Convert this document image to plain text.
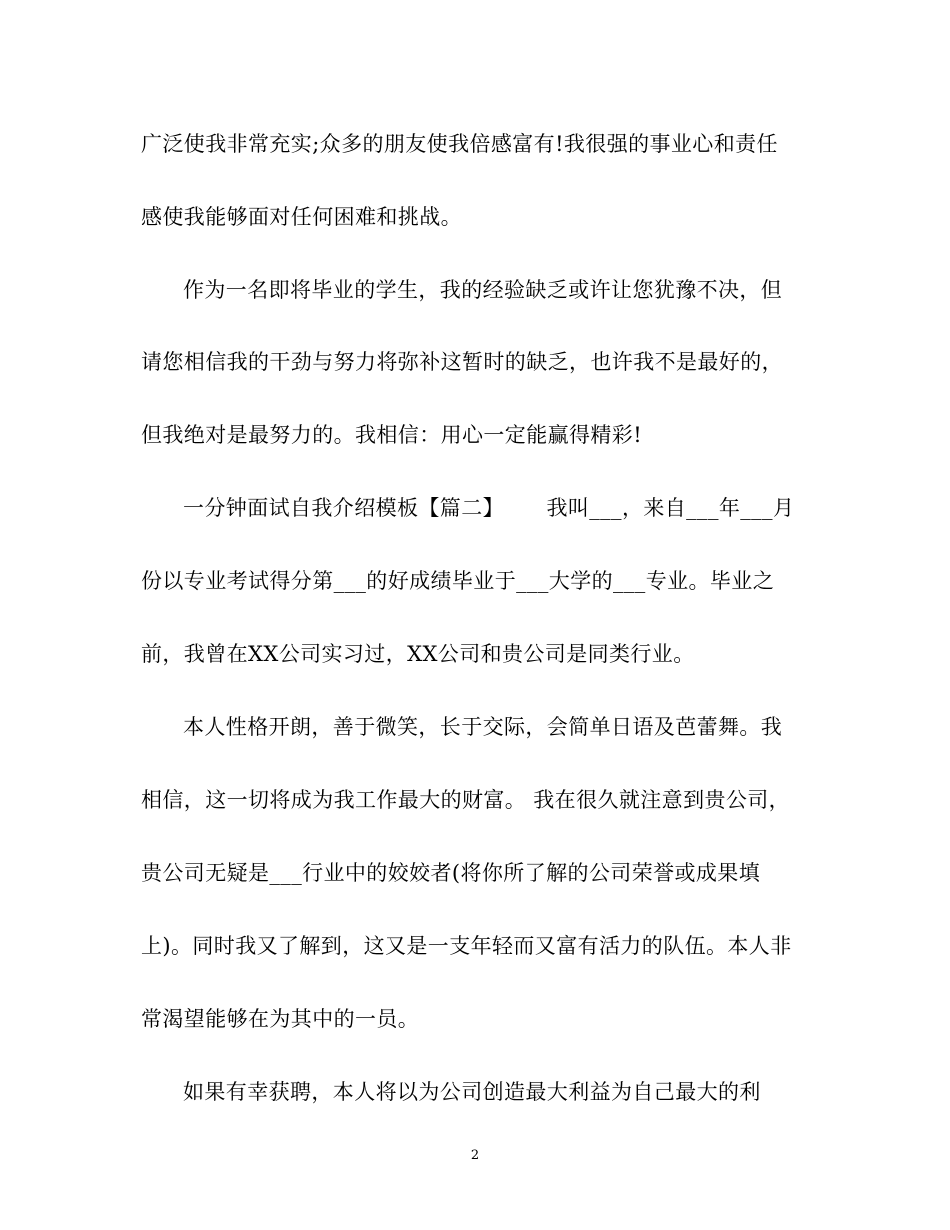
广泛使我非常充实;众多的朋友使我倍感富有!我很强的事业心和责任
感使我能够面对任何困难和挑战。
作为一名即将毕业的学生，我的经验缺乏或许让您犹豫不决，但
请您相信我的干劲与努力将弥补这暂时的缺乏，也许我不是最好的，
但我绝对是最努力的。我相信：用心一定能赢得精彩!
一分钟面试自我介绍模板【篇二】      我叫___，来自___年___月
份以专业考试得分第___的好成绩毕业于___大学的___专业。毕业之
前，我曾在XX公司实习过，XX公司和贵公司是同类行业。
本人性格开朗，善于微笑，长于交际，会简单日语及芭蕾舞。我
相信，这一切将成为我工作最大的财富。 我在很久就注意到贵公司，
贵公司无疑是___行业中的姣姣者(将你所了解的公司荣誉或成果填
上)。同时我又了解到，这又是一支年轻而又富有活力的队伍。本人非
常渴望能够在为其中的一员。
如果有幸获聘，本人将以为公司创造最大利益为自己最大的利
2
